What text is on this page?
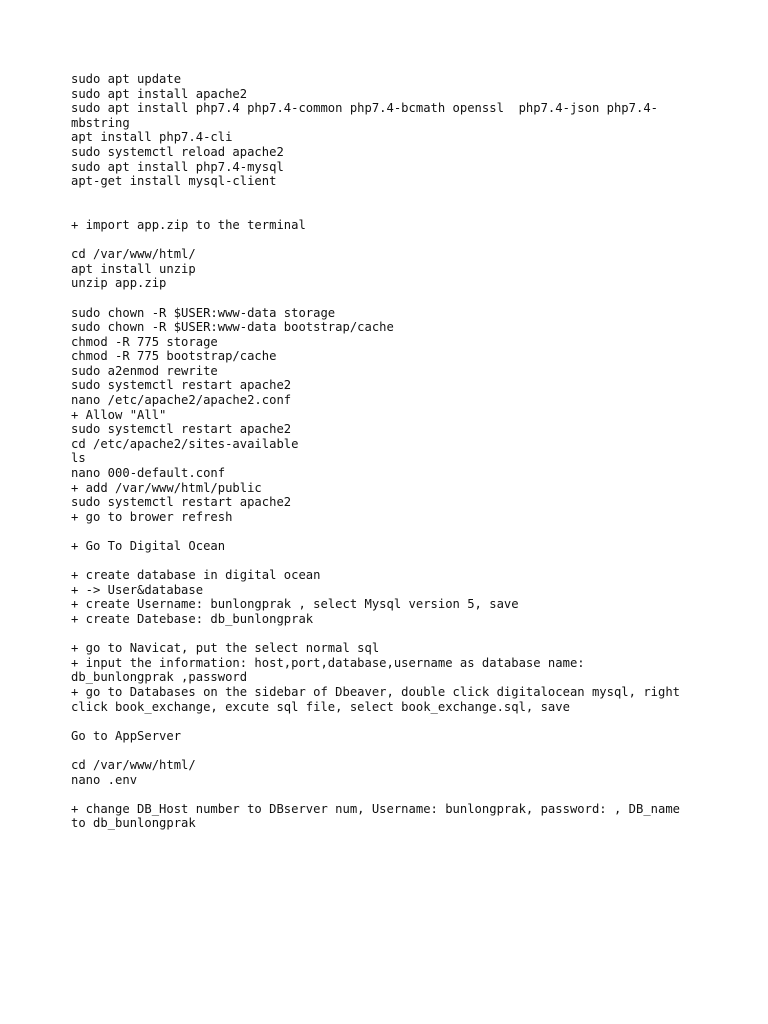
sudo apt update
sudo apt install apache2
sudo apt install php7.4 php7.4-common php7.4-bcmath openssl  php7.4-json php7.4-
mbstring
apt install php7.4-cli
sudo systemctl reload apache2
sudo apt install php7.4-mysql
apt-get install mysql-client
+ import app.zip to the terminal
cd /var/www/html/
apt install unzip
unzip app.zip
sudo chown -R $USER:www-data storage
sudo chown -R $USER:www-data bootstrap/cache
chmod -R 775 storage
chmod -R 775 bootstrap/cache
sudo a2enmod rewrite
sudo systemctl restart apache2
nano /etc/apache2/apache2.conf
+ Allow "All"
sudo systemctl restart apache2
cd /etc/apache2/sites-available
ls
nano 000-default.conf
+ add /var/www/html/public
sudo systemctl restart apache2
+ go to brower refresh
+ Go To Digital Ocean
+ create database in digital ocean
+ -> User&database
+ create Username: bunlongprak , select Mysql version 5, save
+ create Datebase: db_bunlongprak
+ go to Navicat, put the select normal sql
+ input the information: host,port,database,username as database name:
db_bunlongprak ,password
+ go to Databases on the sidebar of Dbeaver, double click digitalocean mysql, right
click book_exchange, excute sql file, select book_exchange.sql, save
Go to AppServer
cd /var/www/html/
nano .env
+ change DB_Host number to DBserver num, Username: bunlongprak, password: , DB_name
to db_bunlongprak
